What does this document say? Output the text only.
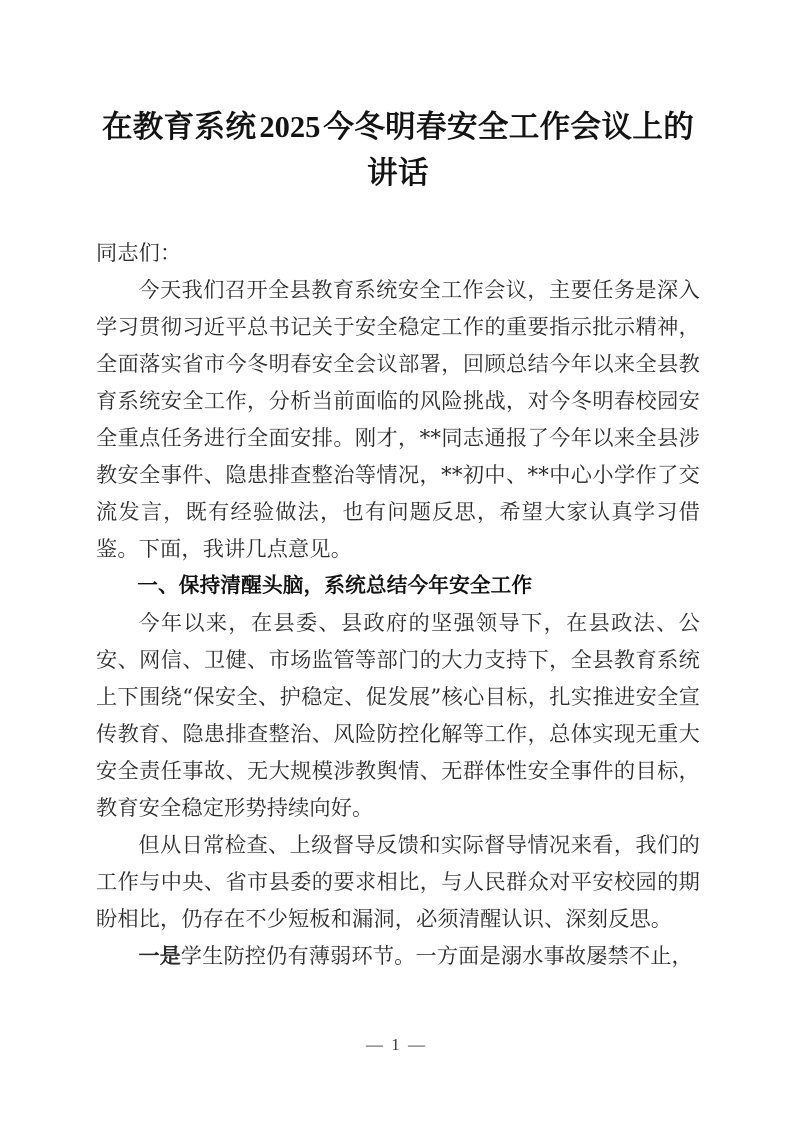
在教育系统2025今冬明春安全工作会议上的讲话

同志们：

今天我们召开全县教育系统安全工作会议，主要任务是深入学习贯彻习近平总书记关于安全稳定工作的重要指示批示精神，全面落实省市今冬明春安全会议部署，回顾总结今年以来全县教育系统安全工作，分析当前面临的风险挑战，对今冬明春校园安全重点任务进行全面安排。刚才，**同志通报了今年以来全县涉教安全事件、隐患排查整治等情况，**初中、**中心小学作了交流发言，既有经验做法，也有问题反思，希望大家认真学习借鉴。下面，我讲几点意见。

一、保持清醒头脑，系统总结今年安全工作

今年以来，在县委、县政府的坚强领导下，在县政法、公安、网信、卫健、市场监管等部门的大力支持下，全县教育系统上下围绕“保安全、护稳定、促发展”核心目标，扎实推进安全宣传教育、隐患排查整治、风险防控化解等工作，总体实现无重大安全责任事故、无大规模涉教舆情、无群体性安全事件的目标，教育安全稳定形势持续向好。

但从日常检查、上级督导反馈和实际督导情况来看，我们的工作与中央、省市县委的要求相比，与人民群众对平安校园的期盼相比，仍存在不少短板和漏洞，必须清醒认识、深刻反思。

一是学生防控仍有薄弱环节。一方面是溺水事故屡禁不止，

— 1 —
